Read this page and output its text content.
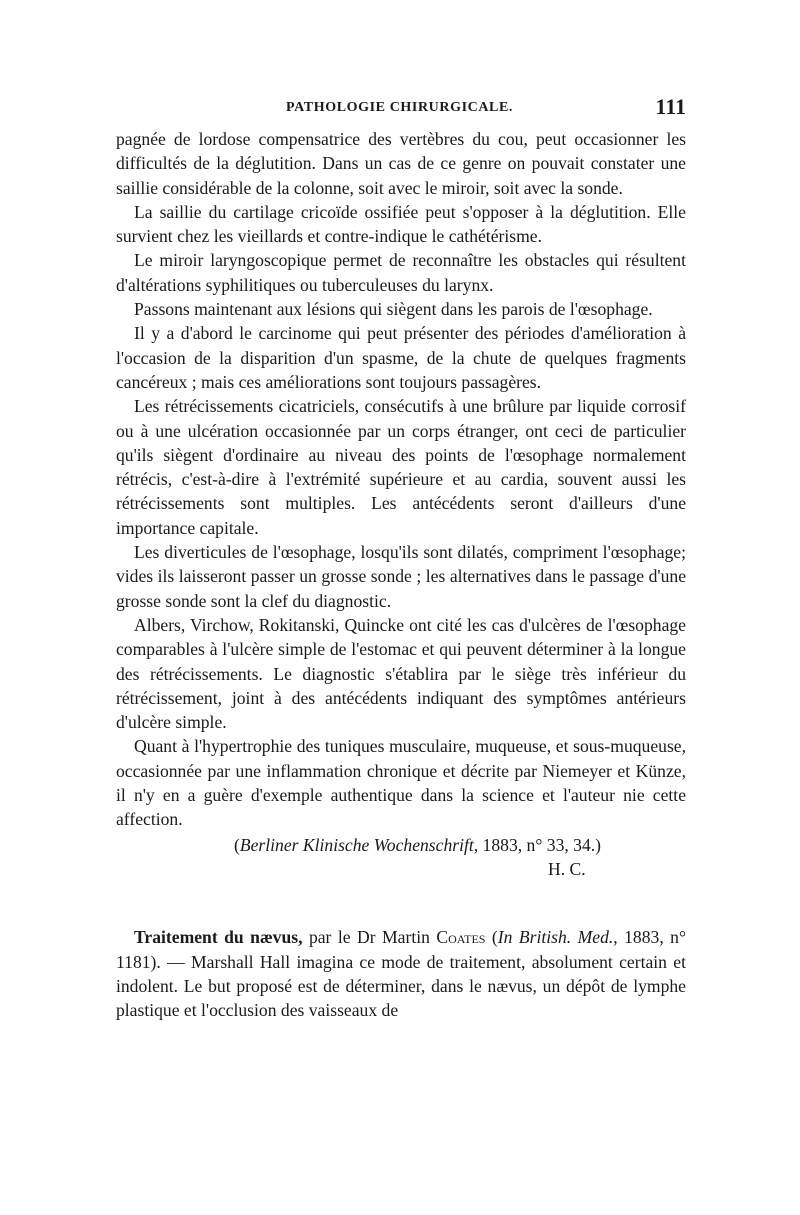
PATHOLOGIE CHIRURGICALE.	111

pagnée de lordose compensatrice des vertèbres du cou, peut occasionner les difficultés de la déglutition. Dans un cas de ce genre on pouvait constater une saillie considérable de la colonne, soit avec le miroir, soit avec la sonde.

La saillie du cartilage cricoïde ossifiée peut s'opposer à la déglutition. Elle survient chez les vieillards et contre-indique le cathétérisme.

Le miroir laryngoscopique permet de reconnaître les obstacles qui résultent d'altérations syphilitiques ou tuberculeuses du larynx.

Passons maintenant aux lésions qui siègent dans les parois de l'œsophage.

Il y a d'abord le carcinome qui peut présenter des périodes d'amélioration à l'occasion de la disparition d'un spasme, de la chute de quelques fragments cancéreux ; mais ces améliorations sont toujours passagères.

Les rétrécissements cicatriciels, consécutifs à une brûlure par liquide corrosif ou à une ulcération occasionnée par un corps étranger, ont ceci de particulier qu'ils siègent d'ordinaire au niveau des points de l'œsophage normalement rétrécis, c'est-à-dire à l'extrémité supérieure et au cardia, souvent aussi les rétrécissements sont multiples. Les antécédents seront d'ailleurs d'une importance capitale.

Les diverticules de l'œsophage, losqu'ils sont dilatés, compriment l'œsophage; vides ils laisseront passer un grosse sonde ; les alternatives dans le passage d'une grosse sonde sont la clef du diagnostic.

Albers, Virchow, Rokitanski, Quincke ont cité les cas d'ulcères de l'œsophage comparables à l'ulcère simple de l'estomac et qui peuvent déterminer à la longue des rétrécissements. Le diagnostic s'établira par le siège très inférieur du rétrécissement, joint à des antécédents indiquant des symptômes antérieurs d'ulcère simple.

Quant à l'hypertrophie des tuniques musculaire, muqueuse, et sous-muqueuse, occasionnée par une inflammation chronique et décrite par Niemeyer et Künze, il n'y en a guère d'exemple authentique dans la science et l'auteur nie cette affection.

(Berliner Klinische Wochenschrift, 1883, n° 33, 34.)
H. C.

Traitement du nævus, par le Dr Martin Coates (In British. Med., 1883, n° 1181). — Marshall Hall imagina ce mode de traitement, absolument certain et indolent. Le but proposé est de déterminer, dans le nævus, un dépôt de lymphe plastique et l'occlusion des vaisseaux de
